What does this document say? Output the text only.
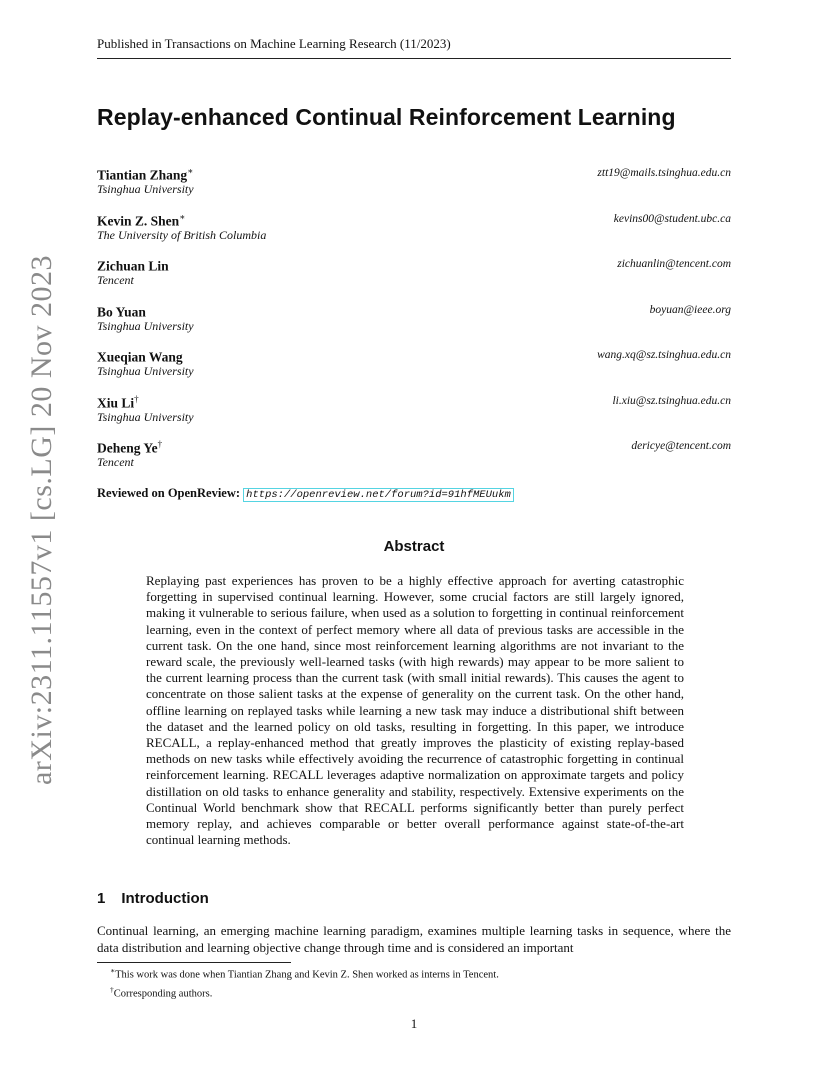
Published in Transactions on Machine Learning Research (11/2023)
Replay-enhanced Continual Reinforcement Learning
Tiantian Zhang∗
Tsinghua University
ztt19@mails.tsinghua.edu.cn
Kevin Z. Shen∗
The University of British Columbia
kevins00@student.ubc.ca
Zichuan Lin
Tencent
zichuanlin@tencent.com
Bo Yuan
Tsinghua University
boyuan@ieee.org
Xueqian Wang
Tsinghua University
wang.xq@sz.tsinghua.edu.cn
Xiu Li†
Tsinghua University
li.xiu@sz.tsinghua.edu.cn
Deheng Ye†
Tencent
dericye@tencent.com
Reviewed on OpenReview: https://openreview.net/forum?id=91hfMEUukm
Abstract

Replaying past experiences has proven to be a highly effective approach for averting catastrophic forgetting in supervised continual learning. However, some crucial factors are still largely ignored, making it vulnerable to serious failure, when used as a solution to forgetting in continual reinforcement learning, even in the context of perfect memory where all data of previous tasks are accessible in the current task. On the one hand, since most reinforcement learning algorithms are not invariant to the reward scale, the previously well-learned tasks (with high rewards) may appear to be more salient to the current learning process than the current task (with small initial rewards). This causes the agent to concentrate on those salient tasks at the expense of generality on the current task. On the other hand, offline learning on replayed tasks while learning a new task may induce a distributional shift between the dataset and the learned policy on old tasks, resulting in forgetting. In this paper, we introduce RECALL, a replay-enhanced method that greatly improves the plasticity of existing replay-based methods on new tasks while effectively avoiding the recurrence of catastrophic forgetting in continual reinforcement learning. RECALL leverages adaptive normalization on approximate targets and policy distillation on old tasks to enhance generality and stability, respectively. Extensive experiments on the Continual World benchmark show that RECALL performs significantly better than purely perfect memory replay, and achieves comparable or better overall performance against state-of-the-art continual learning methods.

1 Introduction

Continual learning, an emerging machine learning paradigm, examines multiple learning tasks in sequence, where the data distribution and learning objective change through time and is considered an important

∗This work was done when Tiantian Zhang and Kevin Z. Shen worked as interns in Tencent.
†Corresponding authors.
1
arXiv:2311.11557v1 [cs.LG] 20 Nov 2023
